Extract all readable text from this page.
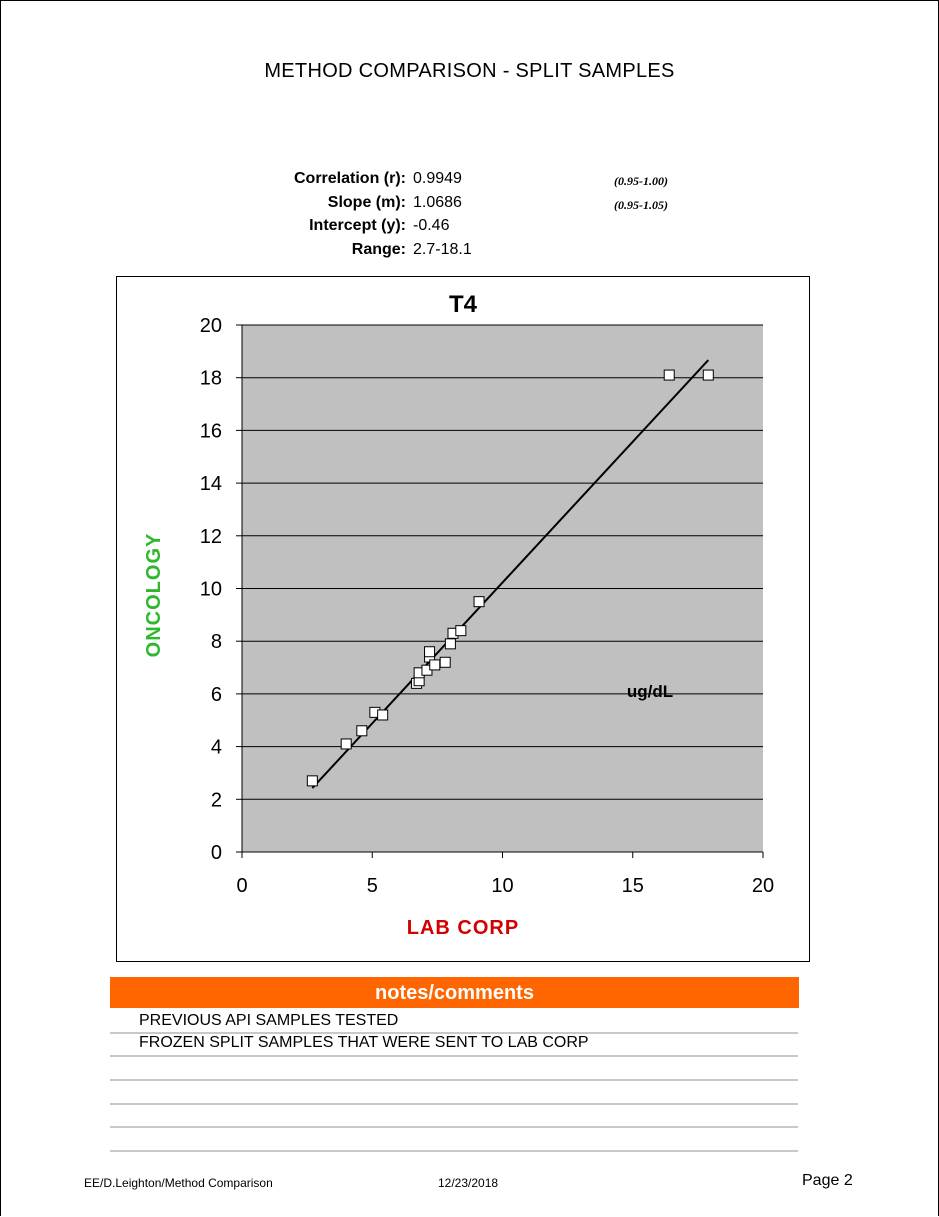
METHOD COMPARISON - SPLIT SAMPLES
Correlation (r): 0.9949	(0.95-1.00)
Slope (m): 1.0686	(0.95-1.05)
Intercept (y): -0.46
Range: 2.7-18.1
0
2
4
6
8
10
12
14
16
18
20
0	5	10	15	20
T4
ug/dL
LAB CORP
ONCOLOGY
notes/comments
PREVIOUS API SAMPLES TESTED
FROZEN SPLIT SAMPLES THAT WERE SENT TO LAB CORP
EE/D.Leighton/Method Comparison	12/23/2018	Page 2
